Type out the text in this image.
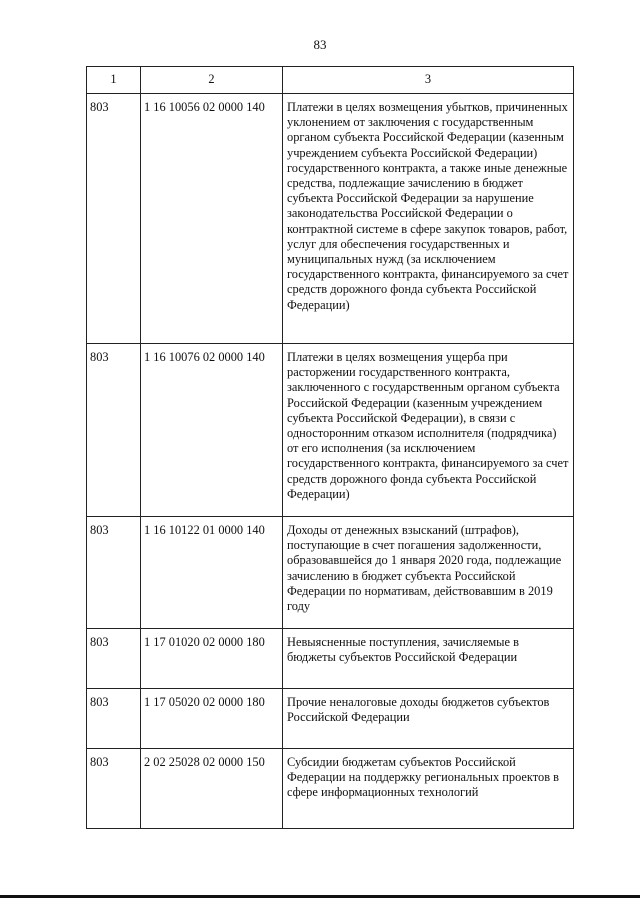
83
1	2	3
803	1 16 10056 02 0000 140	Платежи в целях возмещения убытков, причиненных уклонением от заключения с государственным органом субъекта Российской Федерации (казенным учреждением субъекта Российской Федерации) государственного контракта, а также иные денежные средства, подлежащие зачислению в бюджет субъекта Российской Федерации за нарушение законодательства Российской Федерации о контрактной системе в сфере закупок товаров, работ, услуг для обеспечения государственных и муниципальных нужд (за исключением государственного контракта, финансируемого за счет средств дорожного фонда субъекта Российской Федерации)
803	1 16 10076 02 0000 140	Платежи в целях возмещения ущерба при расторжении государственного контракта, заключенного с государственным органом субъекта Российской Федерации (казенным учреждением субъекта Российской Федерации), в связи с односторонним отказом исполнителя (подрядчика) от его исполнения (за исключением государственного контракта, финансируемого за счет средств дорожного фонда субъекта Российской Федерации)
803	1 16 10122 01 0000 140	Доходы от денежных взысканий (штрафов), поступающие в счет погашения задолженности, образовавшейся до 1 января 2020 года, подлежащие зачислению в бюджет субъекта Российской Федерации по нормативам, действовавшим в 2019 году
803	1 17 01020 02 0000 180	Невыясненные поступления, зачисляемые в бюджеты субъектов Российской Федерации
803	1 17 05020 02 0000 180	Прочие неналоговые доходы бюджетов субъектов Российской Федерации
803	2 02 25028 02 0000 150	Субсидии бюджетам субъектов Российской Федерации на поддержку региональных проектов в сфере информационных технологий
